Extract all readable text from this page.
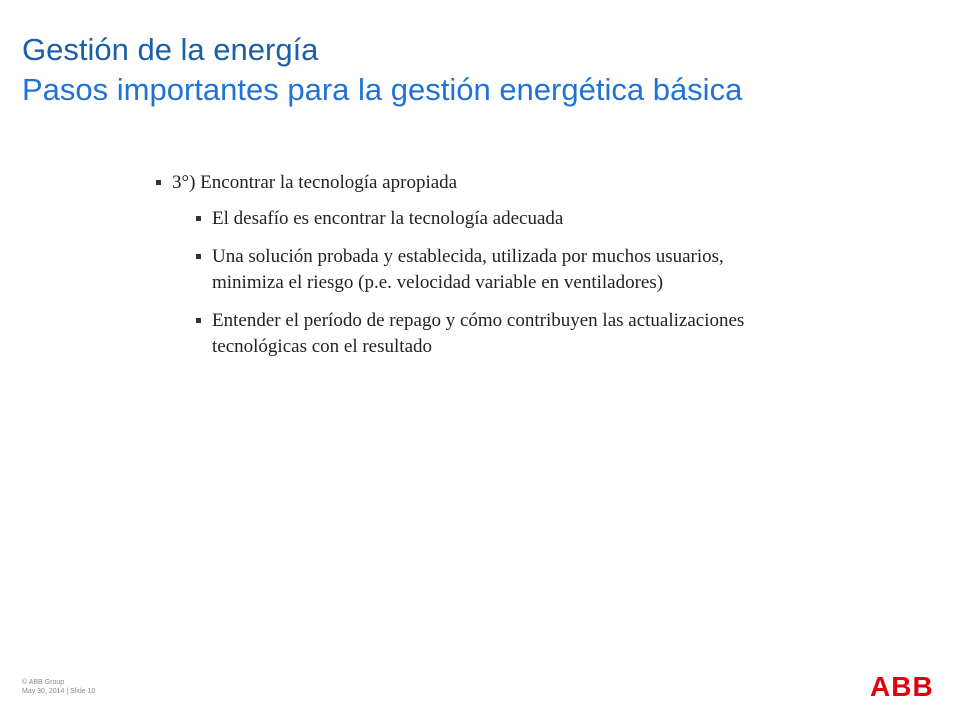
Gestión de la energía
Pasos importantes para la gestión energética básica
3°) Encontrar la tecnología apropiada
El desafío es encontrar la tecnología adecuada
Una solución probada y establecida, utilizada por muchos usuarios, minimiza el riesgo (p.e. velocidad variable en ventiladores)
Entender el período de repago y cómo contribuyen las actualizaciones tecnológicas con el resultado
© ABB Group
May 30, 2014 | Slide 10	ABB
